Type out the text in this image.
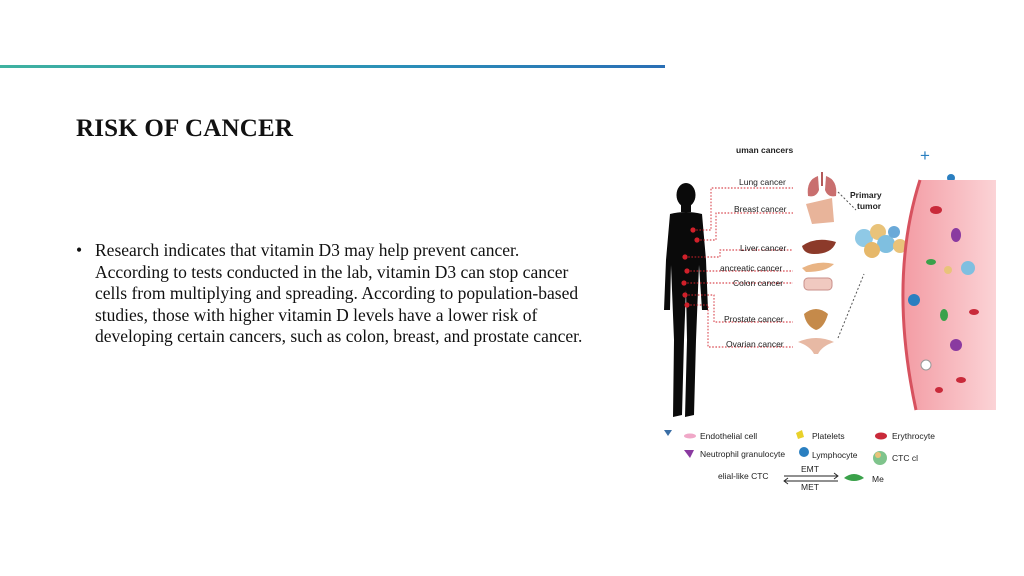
RISK OF CANCER
• Research indicates that vitamin D3 may help prevent cancer. According to tests conducted in the lab, vitamin D3 can stop cancer cells from multiplying and spreading. According to population-based studies, those with higher vitamin D levels have a lower risk of developing certain cancers, such as colon, breast, and prostate cancer.
uman cancers	+
Lung cancer
Breast cancer
Liver cancer
ancreatic cancer
Colon cancer
Prostate cancer
Ovarian cancer
Primary
tumor
Endothelial cell	Platelets	Erythrocyte
Neutrophil granulocyte	Lymphocyte	CTC cl
EMT
MET
elial-like CTC	Me
